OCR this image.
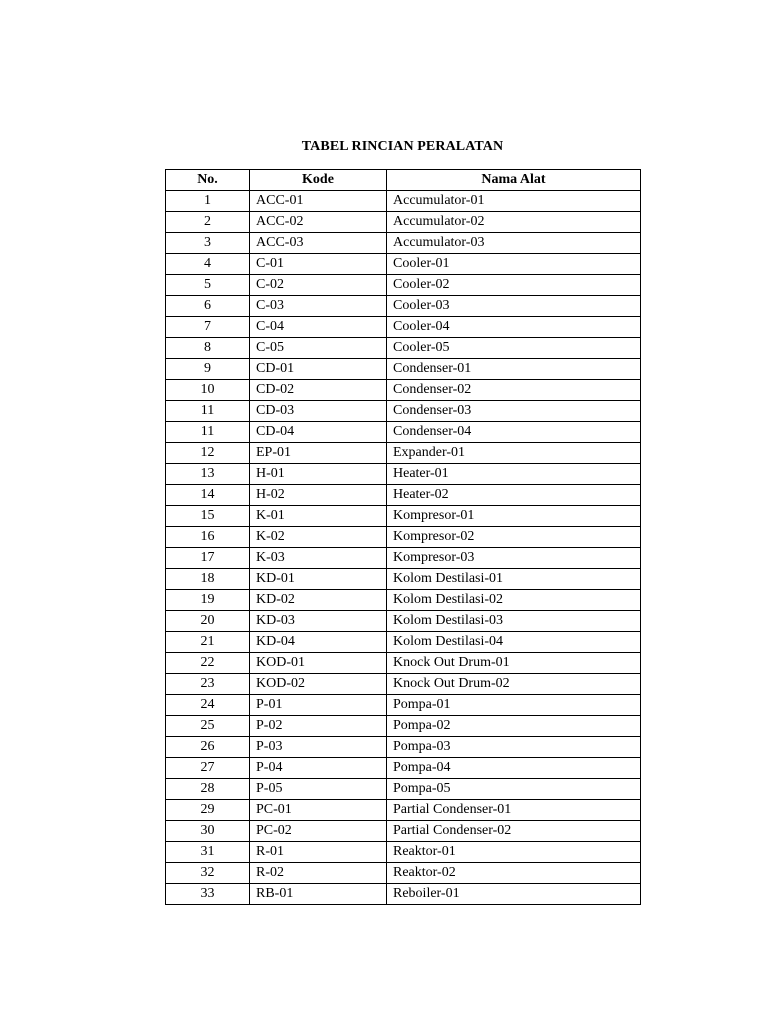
TABEL RINCIAN PERALATAN
No.	Kode	Nama Alat
1	ACC-01	Accumulator-01
2	ACC-02	Accumulator-02
3	ACC-03	Accumulator-03
4	C-01	Cooler-01
5	C-02	Cooler-02
6	C-03	Cooler-03
7	C-04	Cooler-04
8	C-05	Cooler-05
9	CD-01	Condenser-01
10	CD-02	Condenser-02
11	CD-03	Condenser-03
11	CD-04	Condenser-04
12	EP-01	Expander-01
13	H-01	Heater-01
14	H-02	Heater-02
15	K-01	Kompresor-01
16	K-02	Kompresor-02
17	K-03	Kompresor-03
18	KD-01	Kolom Destilasi-01
19	KD-02	Kolom Destilasi-02
20	KD-03	Kolom Destilasi-03
21	KD-04	Kolom Destilasi-04
22	KOD-01	Knock Out Drum-01
23	KOD-02	Knock Out Drum-02
24	P-01	Pompa-01
25	P-02	Pompa-02
26	P-03	Pompa-03
27	P-04	Pompa-04
28	P-05	Pompa-05
29	PC-01	Partial Condenser-01
30	PC-02	Partial Condenser-02
31	R-01	Reaktor-01
32	R-02	Reaktor-02
33	RB-01	Reboiler-01
